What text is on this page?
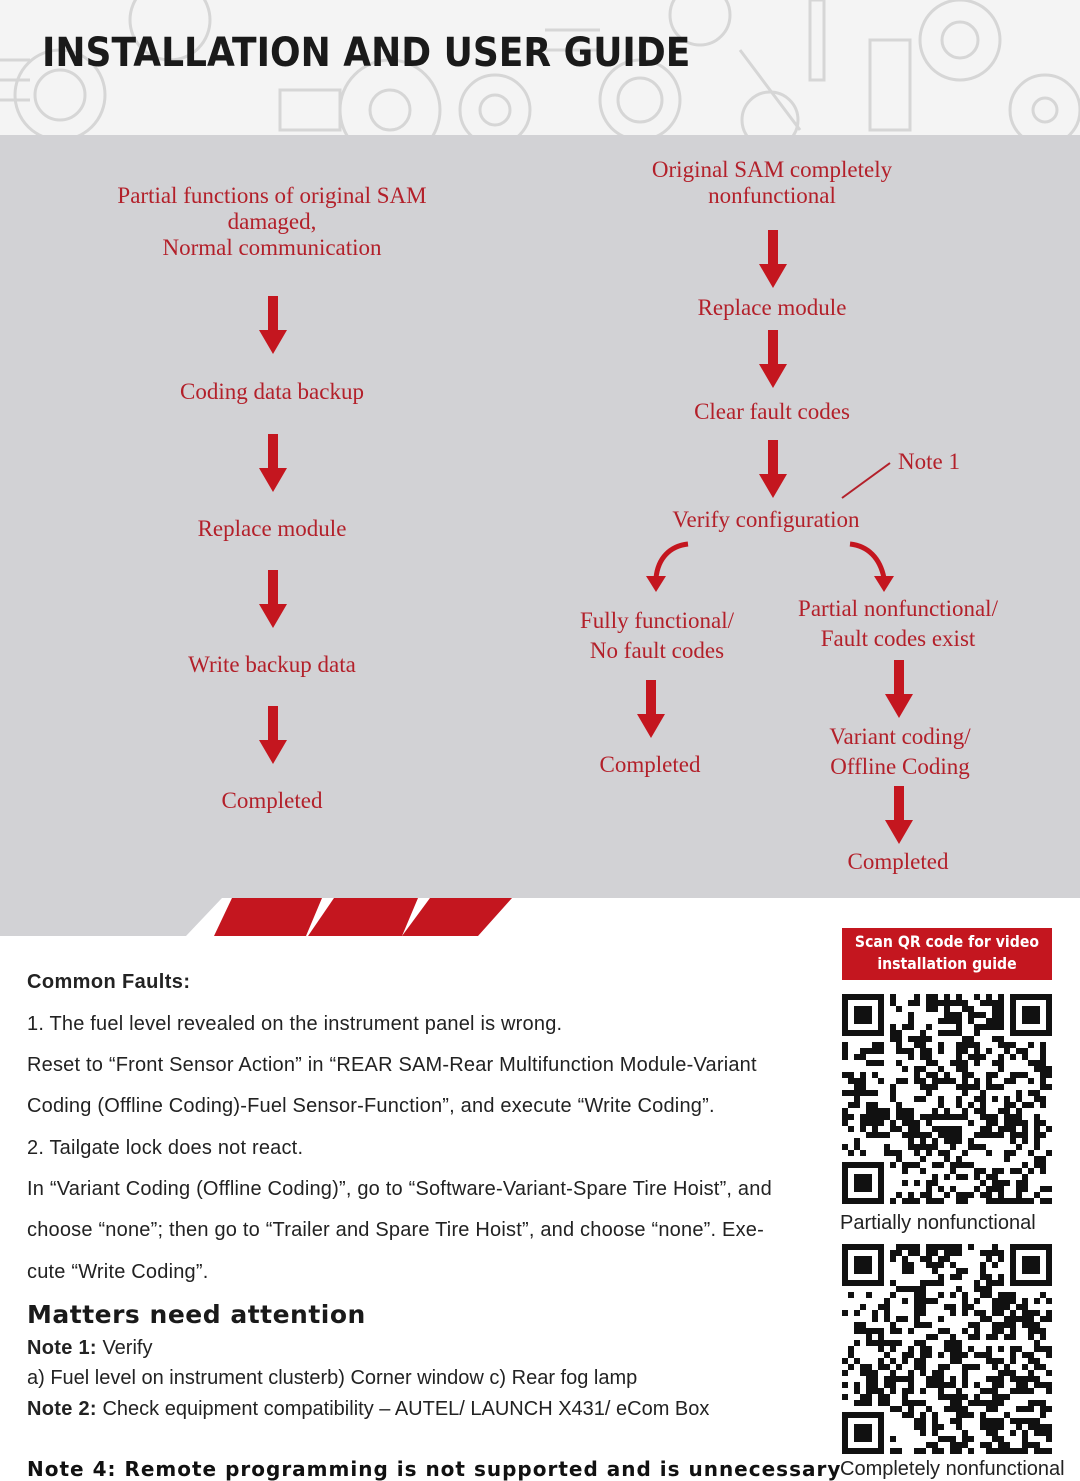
INSTALLATION AND USER GUIDE
Partial functions of original SAM
damaged,
Normal communication
Coding data backup
Replace module
Write backup data
Completed
Original SAM completely
nonfunctional
Replace module
Clear fault codes
Verify configuration
Note 1
Fully functional/
No fault codes
Completed
Partial nonfunctional/
Fault codes exist
Variant coding/
Offline Coding
Completed
Common Faults:
1. The fuel level revealed on the instrument panel is wrong.
Reset to “Front Sensor Action” in “REAR SAM-Rear Multifunction Module-Variant
Coding (Offline Coding)-Fuel Sensor-Function”, and execute “Write Coding”.
2. Tailgate lock does not react.
In “Variant Coding (Offline Coding)”, go to “Software-Variant-Spare Tire Hoist”, and
choose “none”; then go to “Trailer and Spare Tire Hoist”, and choose “none”. Exe-
cute “Write Coding”.
Matters need attention
Note 1: Verify
a) Fuel level on instrument clusterb) Corner window c) Rear fog lamp
Note 2: Check equipment compatibility – AUTEL/ LAUNCH X431/ eCom Box
Note 4: Remote programming is not supported and is unnecessary
Scan QR code for video
installation guide
Partially nonfunctional
Completely nonfunctional
